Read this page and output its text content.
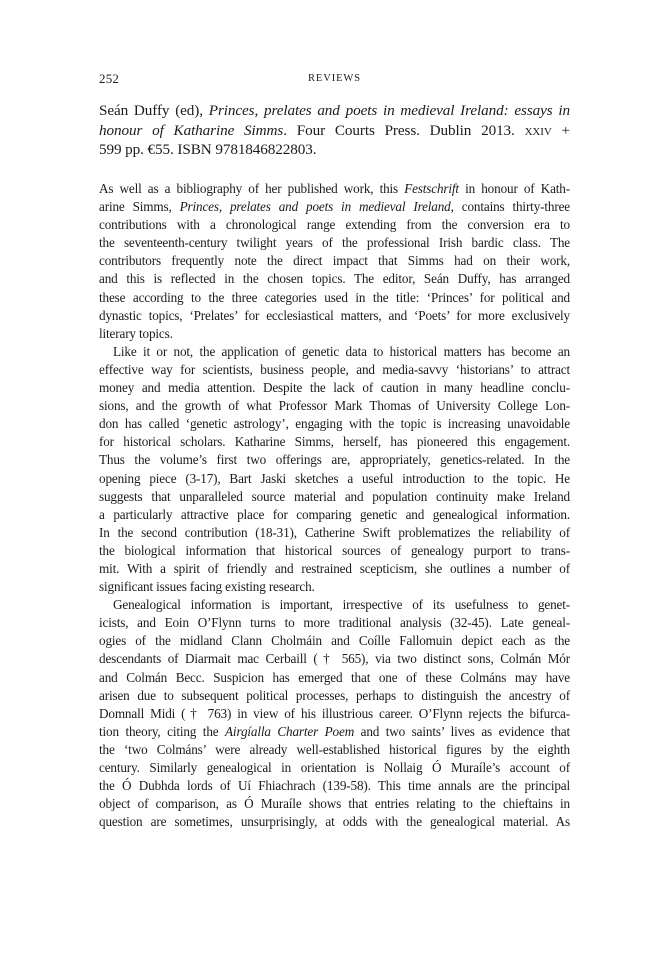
252	REVIEWS
Seán Duffy (ed), Princes, prelates and poets in medieval Ireland: essays in
honour of Katharine Simms. Four Courts Press. Dublin 2013. xxiv +
599 pp. €55. ISBN 9781846822803.
As well as a bibliography of her published work, this Festschrift in honour of Kath-
arine Simms, Princes, prelates and poets in medieval Ireland, contains thirty-three
contributions with a chronological range extending from the conversion era to
the seventeenth-century twilight years of the professional Irish bardic class. The
contributors frequently note the direct impact that Simms had on their work,
and this is reflected in the chosen topics. The editor, Seán Duffy, has arranged
these according to the three categories used in the title: ‘Princes’ for political and
dynastic topics, ‘Prelates’ for ecclesiastical matters, and ‘Poets’ for more exclusively
literary topics.
Like it or not, the application of genetic data to historical matters has become an
effective way for scientists, business people, and media-savvy ‘historians’ to attract
money and media attention. Despite the lack of caution in many headline conclu-
sions, and the growth of what Professor Mark Thomas of University College Lon-
don has called ‘genetic astrology’, engaging with the topic is increasing unavoidable
for historical scholars. Katharine Simms, herself, has pioneered this engagement.
Thus the volume’s first two offerings are, appropriately, genetics-related. In the
opening piece (3-17), Bart Jaski sketches a useful introduction to the topic. He
suggests that unparalleled source material and population continuity make Ireland
a particularly attractive place for comparing genetic and genealogical information.
In the second contribution (18-31), Catherine Swift problematizes the reliability of
the biological information that historical sources of genealogy purport to trans-
mit. With a spirit of friendly and restrained scepticism, she outlines a number of
significant issues facing existing research.
Genealogical information is important, irrespective of its usefulness to genet-
icists, and Eoin O’Flynn turns to more traditional analysis (32-45). Late geneal-
ogies of the midland Clann Cholmáin and Coílle Fallomuin depict each as the
descendants of Diarmait mac Cerbaill († 565), via two distinct sons, Colmán Mór
and Colmán Becc. Suspicion has emerged that one of these Colmáns may have
arisen due to subsequent political processes, perhaps to distinguish the ancestry of
Domnall Midi († 763) in view of his illustrious career. O’Flynn rejects the bifurca-
tion theory, citing the Airgíalla Charter Poem and two saints’ lives as evidence that
the ‘two Colmáns’ were already well-established historical figures by the eighth
century. Similarly genealogical in orientation is Nollaig Ó Muraíle’s account of
the Ó Dubhda lords of Uí Fhiachrach (139-58). This time annals are the principal
object of comparison, as Ó Muraíle shows that entries relating to the chieftains in
question are sometimes, unsurprisingly, at odds with the genealogical material. As
